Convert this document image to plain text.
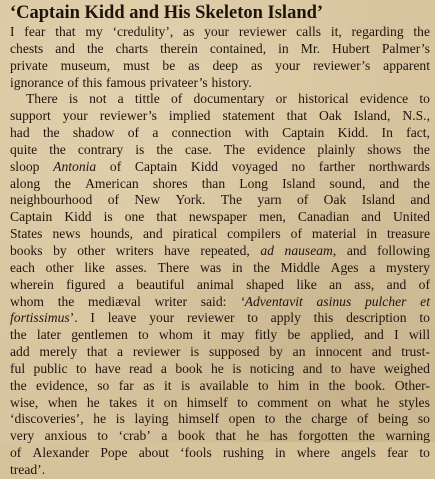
‘Captain Kidd and His Skeleton Island’
I fear that my ‘credulity’, as your reviewer calls it, regarding the
chests and the charts therein contained, in Mr. Hubert Palmer’s
private museum, must be as deep as your reviewer’s apparent
ignorance of this famous privateer’s history.
There is not a tittle of documentary or historical evidence to
support your reviewer’s implied statement that Oak Island, N.S.,
had the shadow of a connection with Captain Kidd. In fact,
quite the contrary is the case. The evidence plainly shows the
sloop Antonia of Captain Kidd voyaged no farther northwards
along the American shores than Long Island sound, and the
neighbourhood of New York. The yarn of Oak Island and
Captain Kidd is one that newspaper men, Canadian and United
States news hounds, and piratical compilers of material in treasure
books by other writers have repeated, ad nauseam, and following
each other like asses. There was in the Middle Ages a mystery
wherein figured a beautiful animal shaped like an ass, and of
whom the mediæval writer said: ‘Adventavit asinus pulcher et
fortissimus’. I leave your reviewer to apply this description to
the later gentlemen to whom it may fitly be applied, and I will
add merely that a reviewer is supposed by an innocent and trust-
ful public to have read a book he is noticing and to have weighed
the evidence, so far as it is available to him in the book. Other-
wise, when he takes it on himself to comment on what he styles
‘discoveries’, he is laying himself open to the charge of being so
very anxious to ‘crab’ a book that he has forgotten the warning
of Alexander Pope about ‘fools rushing in where angels fear to
tread’.
